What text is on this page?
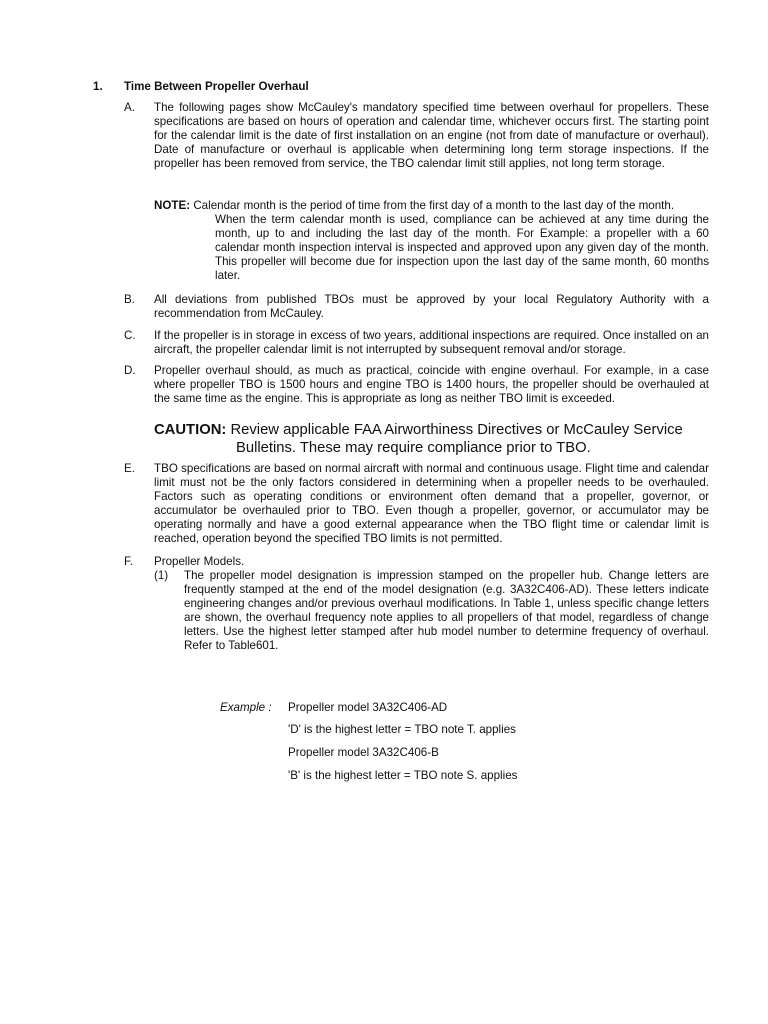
1. Time Between Propeller Overhaul
A. The following pages show McCauley's mandatory specified time between overhaul for propellers. These specifications are based on hours of operation and calendar time, whichever occurs first. The starting point for the calendar limit is the date of first installation on an engine (not from date of manufacture or overhaul). Date of manufacture or overhaul is applicable when determining long term storage inspections. If the propeller has been removed from service, the TBO calendar limit still applies, not long term storage.
NOTE: Calendar month is the period of time from the first day of a month to the last day of the month.
When the term calendar month is used, compliance can be achieved at any time during the month, up to and including the last day of the month. For Example: a propeller with a 60 calendar month inspection interval is inspected and approved upon any given day of the month. This propeller will become due for inspection upon the last day of the same month, 60 months later.
B. All deviations from published TBOs must be approved by your local Regulatory Authority with a recommendation from McCauley.
C. If the propeller is in storage in excess of two years, additional inspections are required. Once installed on an aircraft, the propeller calendar limit is not interrupted by subsequent removal and/or storage.
D. Propeller overhaul should, as much as practical, coincide with engine overhaul. For example, in a case where propeller TBO is 1500 hours and engine TBO is 1400 hours, the propeller should be overhauled at the same time as the engine. This is appropriate as long as neither TBO limit is exceeded.
CAUTION: Review applicable FAA Airworthiness Directives or McCauley Service
Bulletins. These may require compliance prior to TBO.
E. TBO specifications are based on normal aircraft with normal and continuous usage. Flight time and calendar limit must not be the only factors considered in determining when a propeller needs to be overhauled. Factors such as operating conditions or environment often demand that a propeller, governor, or accumulator be overhauled prior to TBO. Even though a propeller, governor, or accumulator may be operating normally and have a good external appearance when the TBO flight time or calendar limit is reached, operation beyond the specified TBO limits is not permitted.
F. Propeller Models.
(1) The propeller model designation is impression stamped on the propeller hub. Change letters are frequently stamped at the end of the model designation (e.g. 3A32C406-AD). These letters indicate engineering changes and/or previous overhaul modifications. In Table 1, unless specific change letters are shown, the overhaul frequency note applies to all propellers of that model, regardless of change letters. Use the highest letter stamped after hub model number to determine frequency of overhaul. Refer to Table601.
Example :	Propeller model 3A32C406-AD
'D' is the highest letter = TBO note T. applies
Propeller model 3A32C406-B
'B' is the highest letter = TBO note S. applies
